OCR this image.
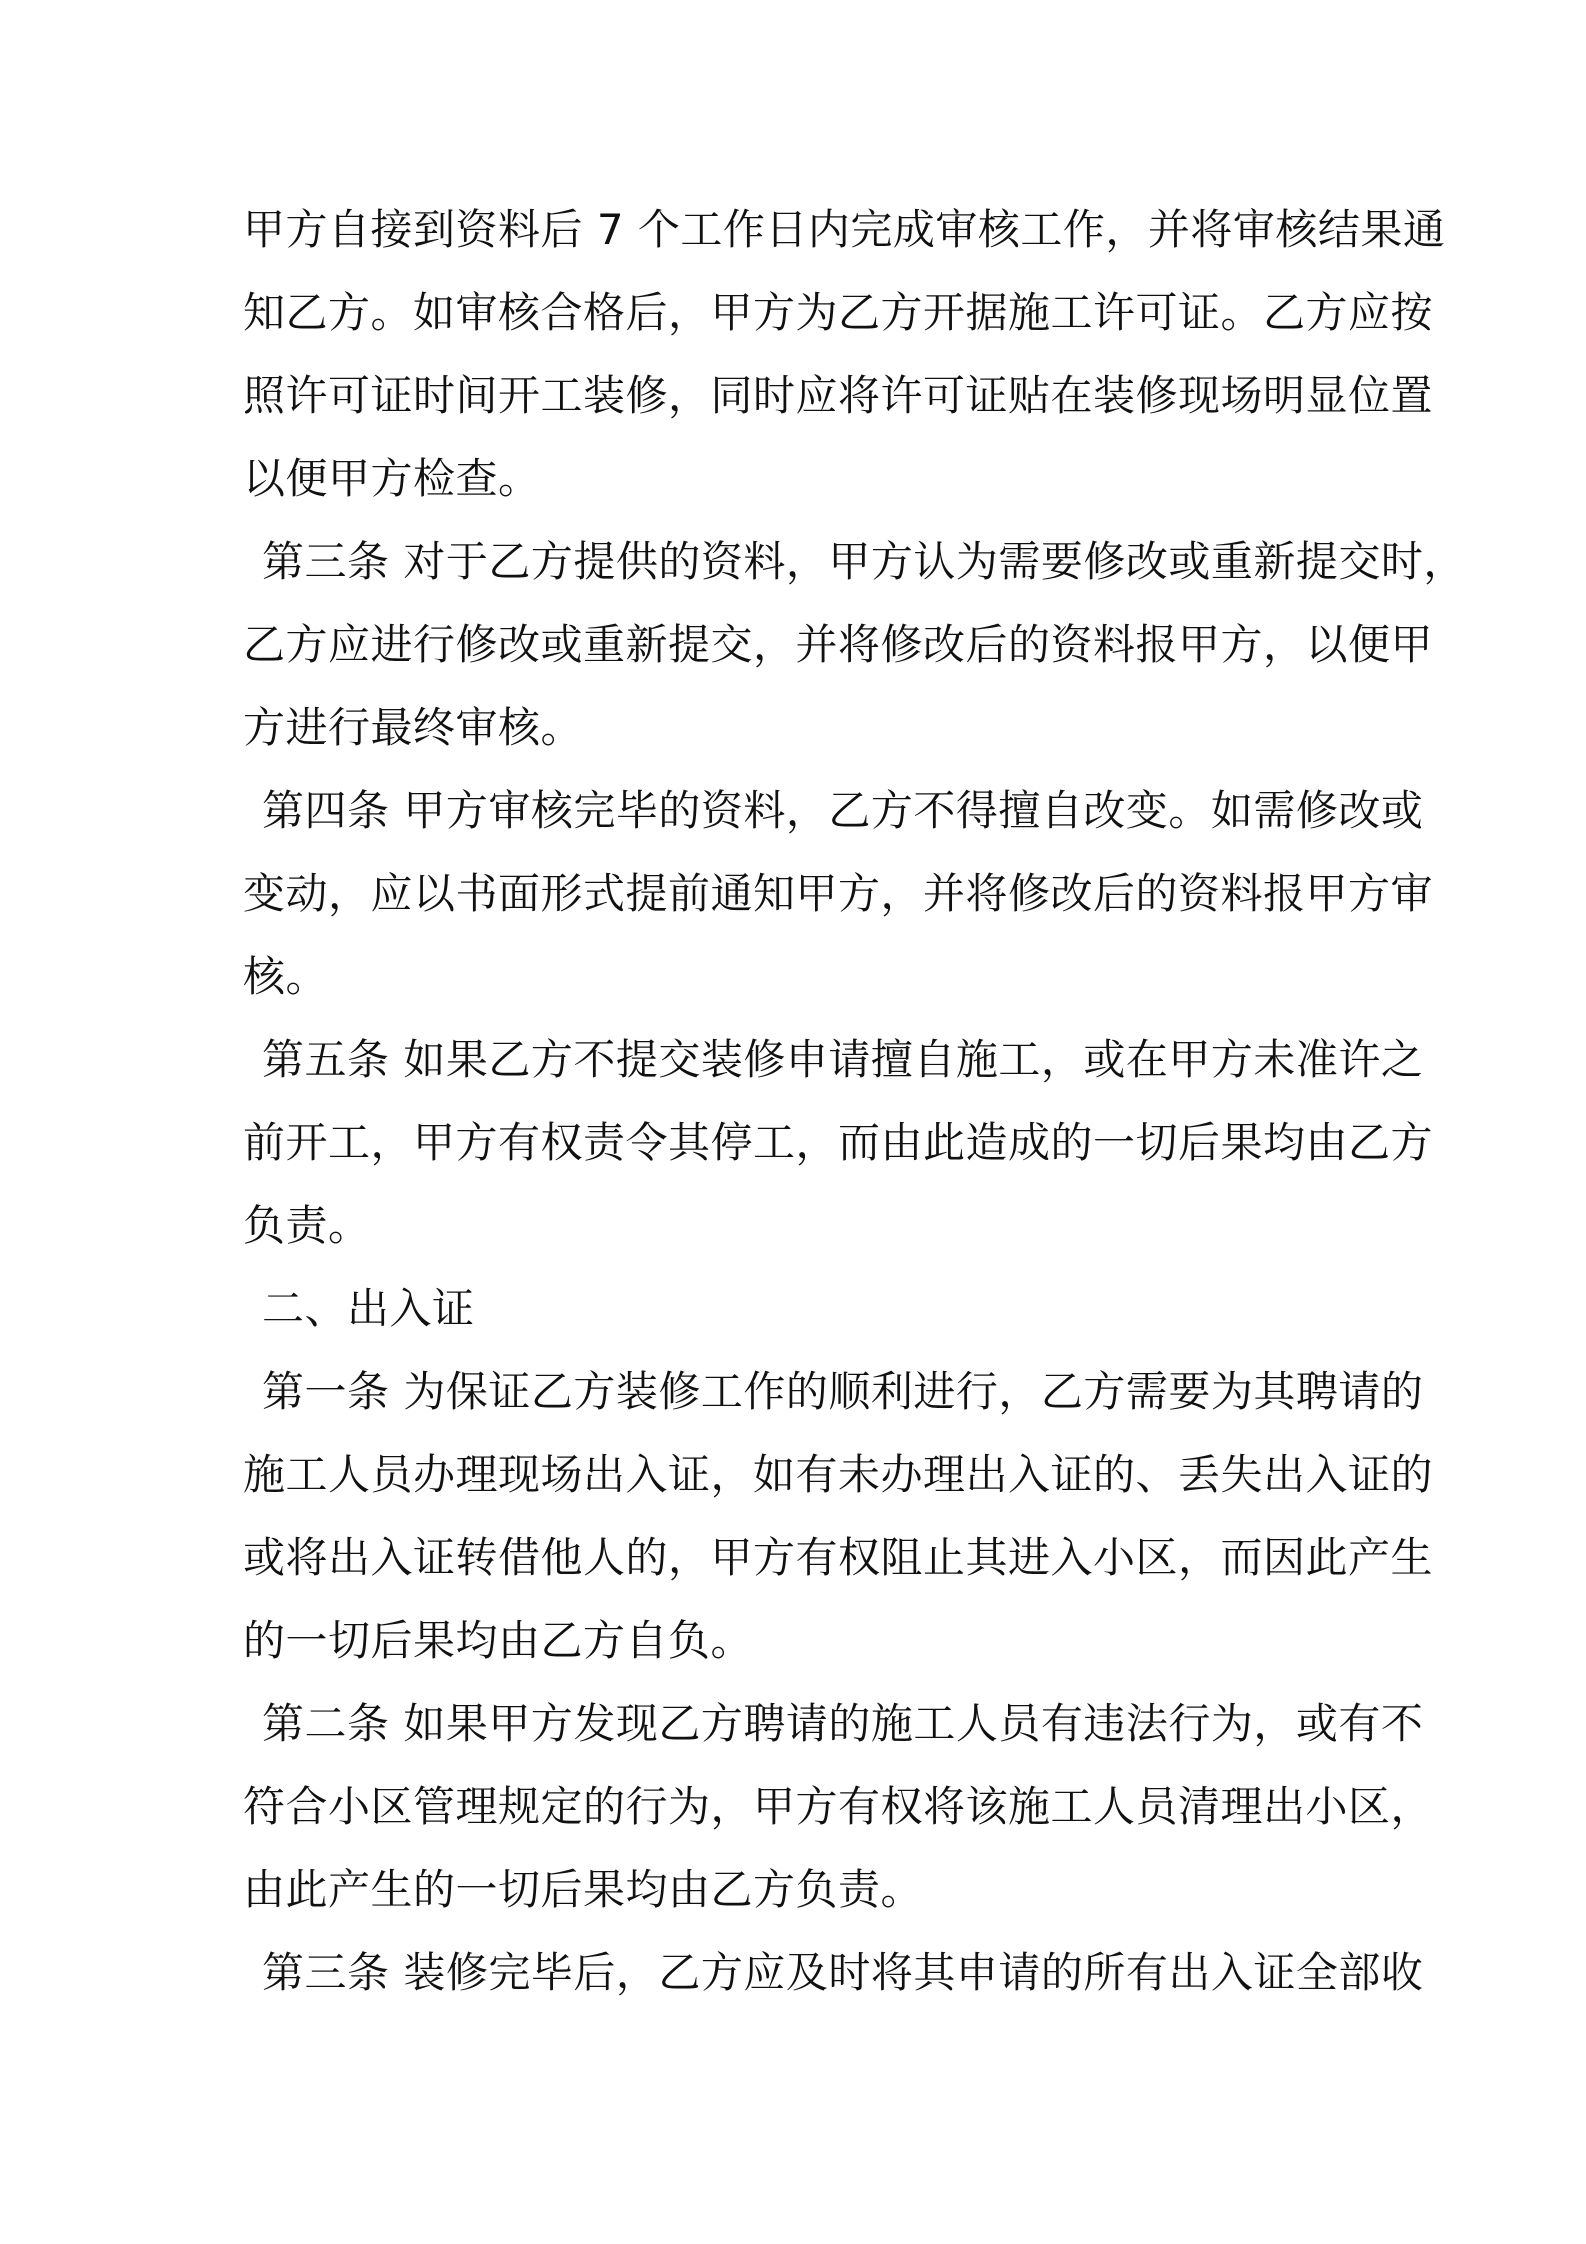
甲方自接到资料后 7 个工作日内完成审核工作，并将审核结果通
知乙方。如审核合格后，甲方为乙方开据施工许可证。乙方应按
照许可证时间开工装修，同时应将许可证贴在装修现场明显位置
以便甲方检查。
第三条 对于乙方提供的资料，甲方认为需要修改或重新提交时，
乙方应进行修改或重新提交，并将修改后的资料报甲方，以便甲
方进行最终审核。
第四条 甲方审核完毕的资料，乙方不得擅自改变。如需修改或
变动，应以书面形式提前通知甲方，并将修改后的资料报甲方审
核。
第五条 如果乙方不提交装修申请擅自施工，或在甲方未准许之
前开工，甲方有权责令其停工，而由此造成的一切后果均由乙方
负责。
二、出入证
第一条 为保证乙方装修工作的顺利进行，乙方需要为其聘请的
施工人员办理现场出入证，如有未办理出入证的、丢失出入证的
或将出入证转借他人的，甲方有权阻止其进入小区，而因此产生
的一切后果均由乙方自负。
第二条 如果甲方发现乙方聘请的施工人员有违法行为，或有不
符合小区管理规定的行为，甲方有权将该施工人员清理出小区，
由此产生的一切后果均由乙方负责。
第三条 装修完毕后，乙方应及时将其申请的所有出入证全部收
